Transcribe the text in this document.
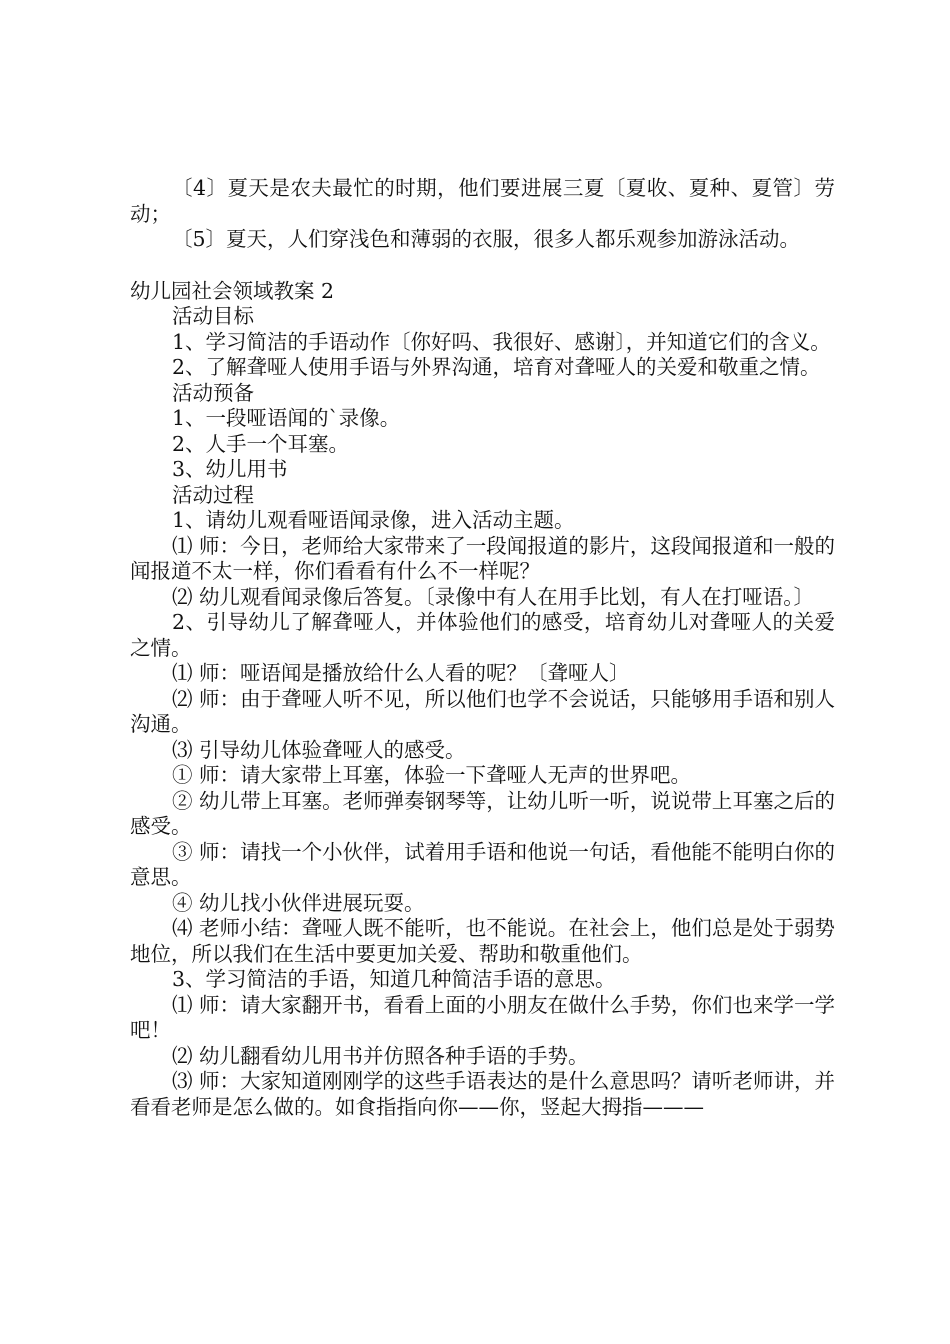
〔4〕夏天是农夫最忙的时期，他们要进展三夏〔夏收、夏种、夏管〕劳动；

〔5〕夏天，人们穿浅色和薄弱的衣服，很多人都乐观参加游泳活动。

幼儿园社会领域教案 2

活动目标

1、学习简洁的手语动作〔你好吗、我很好、感谢〕，并知道它们的含义。

2、了解聋哑人使用手语与外界沟通，培育对聋哑人的关爱和敬重之情。

活动预备

1、一段哑语闻的`录像。

2、人手一个耳塞。

3、幼儿用书

活动过程

1、请幼儿观看哑语闻录像，进入活动主题。

⑴ 师：今日，老师给大家带来了一段闻报道的影片，这段闻报道和一般的闻报道不太一样，你们看看有什么不一样呢？

⑵ 幼儿观看闻录像后答复。〔录像中有人在用手比划，有人在打哑语。〕

2、引导幼儿了解聋哑人，并体验他们的感受，培育幼儿对聋哑人的关爱之情。

⑴ 师：哑语闻是播放给什么人看的呢？〔聋哑人〕

⑵ 师：由于聋哑人听不见，所以他们也学不会说话，只能够用手语和别人沟通。

⑶ 引导幼儿体验聋哑人的感受。

① 师：请大家带上耳塞，体验一下聋哑人无声的世界吧。

② 幼儿带上耳塞。老师弹奏钢琴等，让幼儿听一听，说说带上耳塞之后的感受。

③ 师：请找一个小伙伴，试着用手语和他说一句话，看他能不能明白你的意思。

④ 幼儿找小伙伴进展玩耍。

⑷ 老师小结：聋哑人既不能听，也不能说。在社会上，他们总是处于弱势地位，所以我们在生活中要更加关爱、帮助和敬重他们。

3、学习简洁的手语，知道几种简洁手语的意思。

⑴ 师：请大家翻开书，看看上面的小朋友在做什么手势，你们也来学一学吧！

⑵ 幼儿翻看幼儿用书并仿照各种手语的手势。

⑶ 师：大家知道刚刚学的这些手语表达的是什么意思吗？请听老师讲，并看看老师是怎么做的。如食指指向你——你，竖起大拇指———
